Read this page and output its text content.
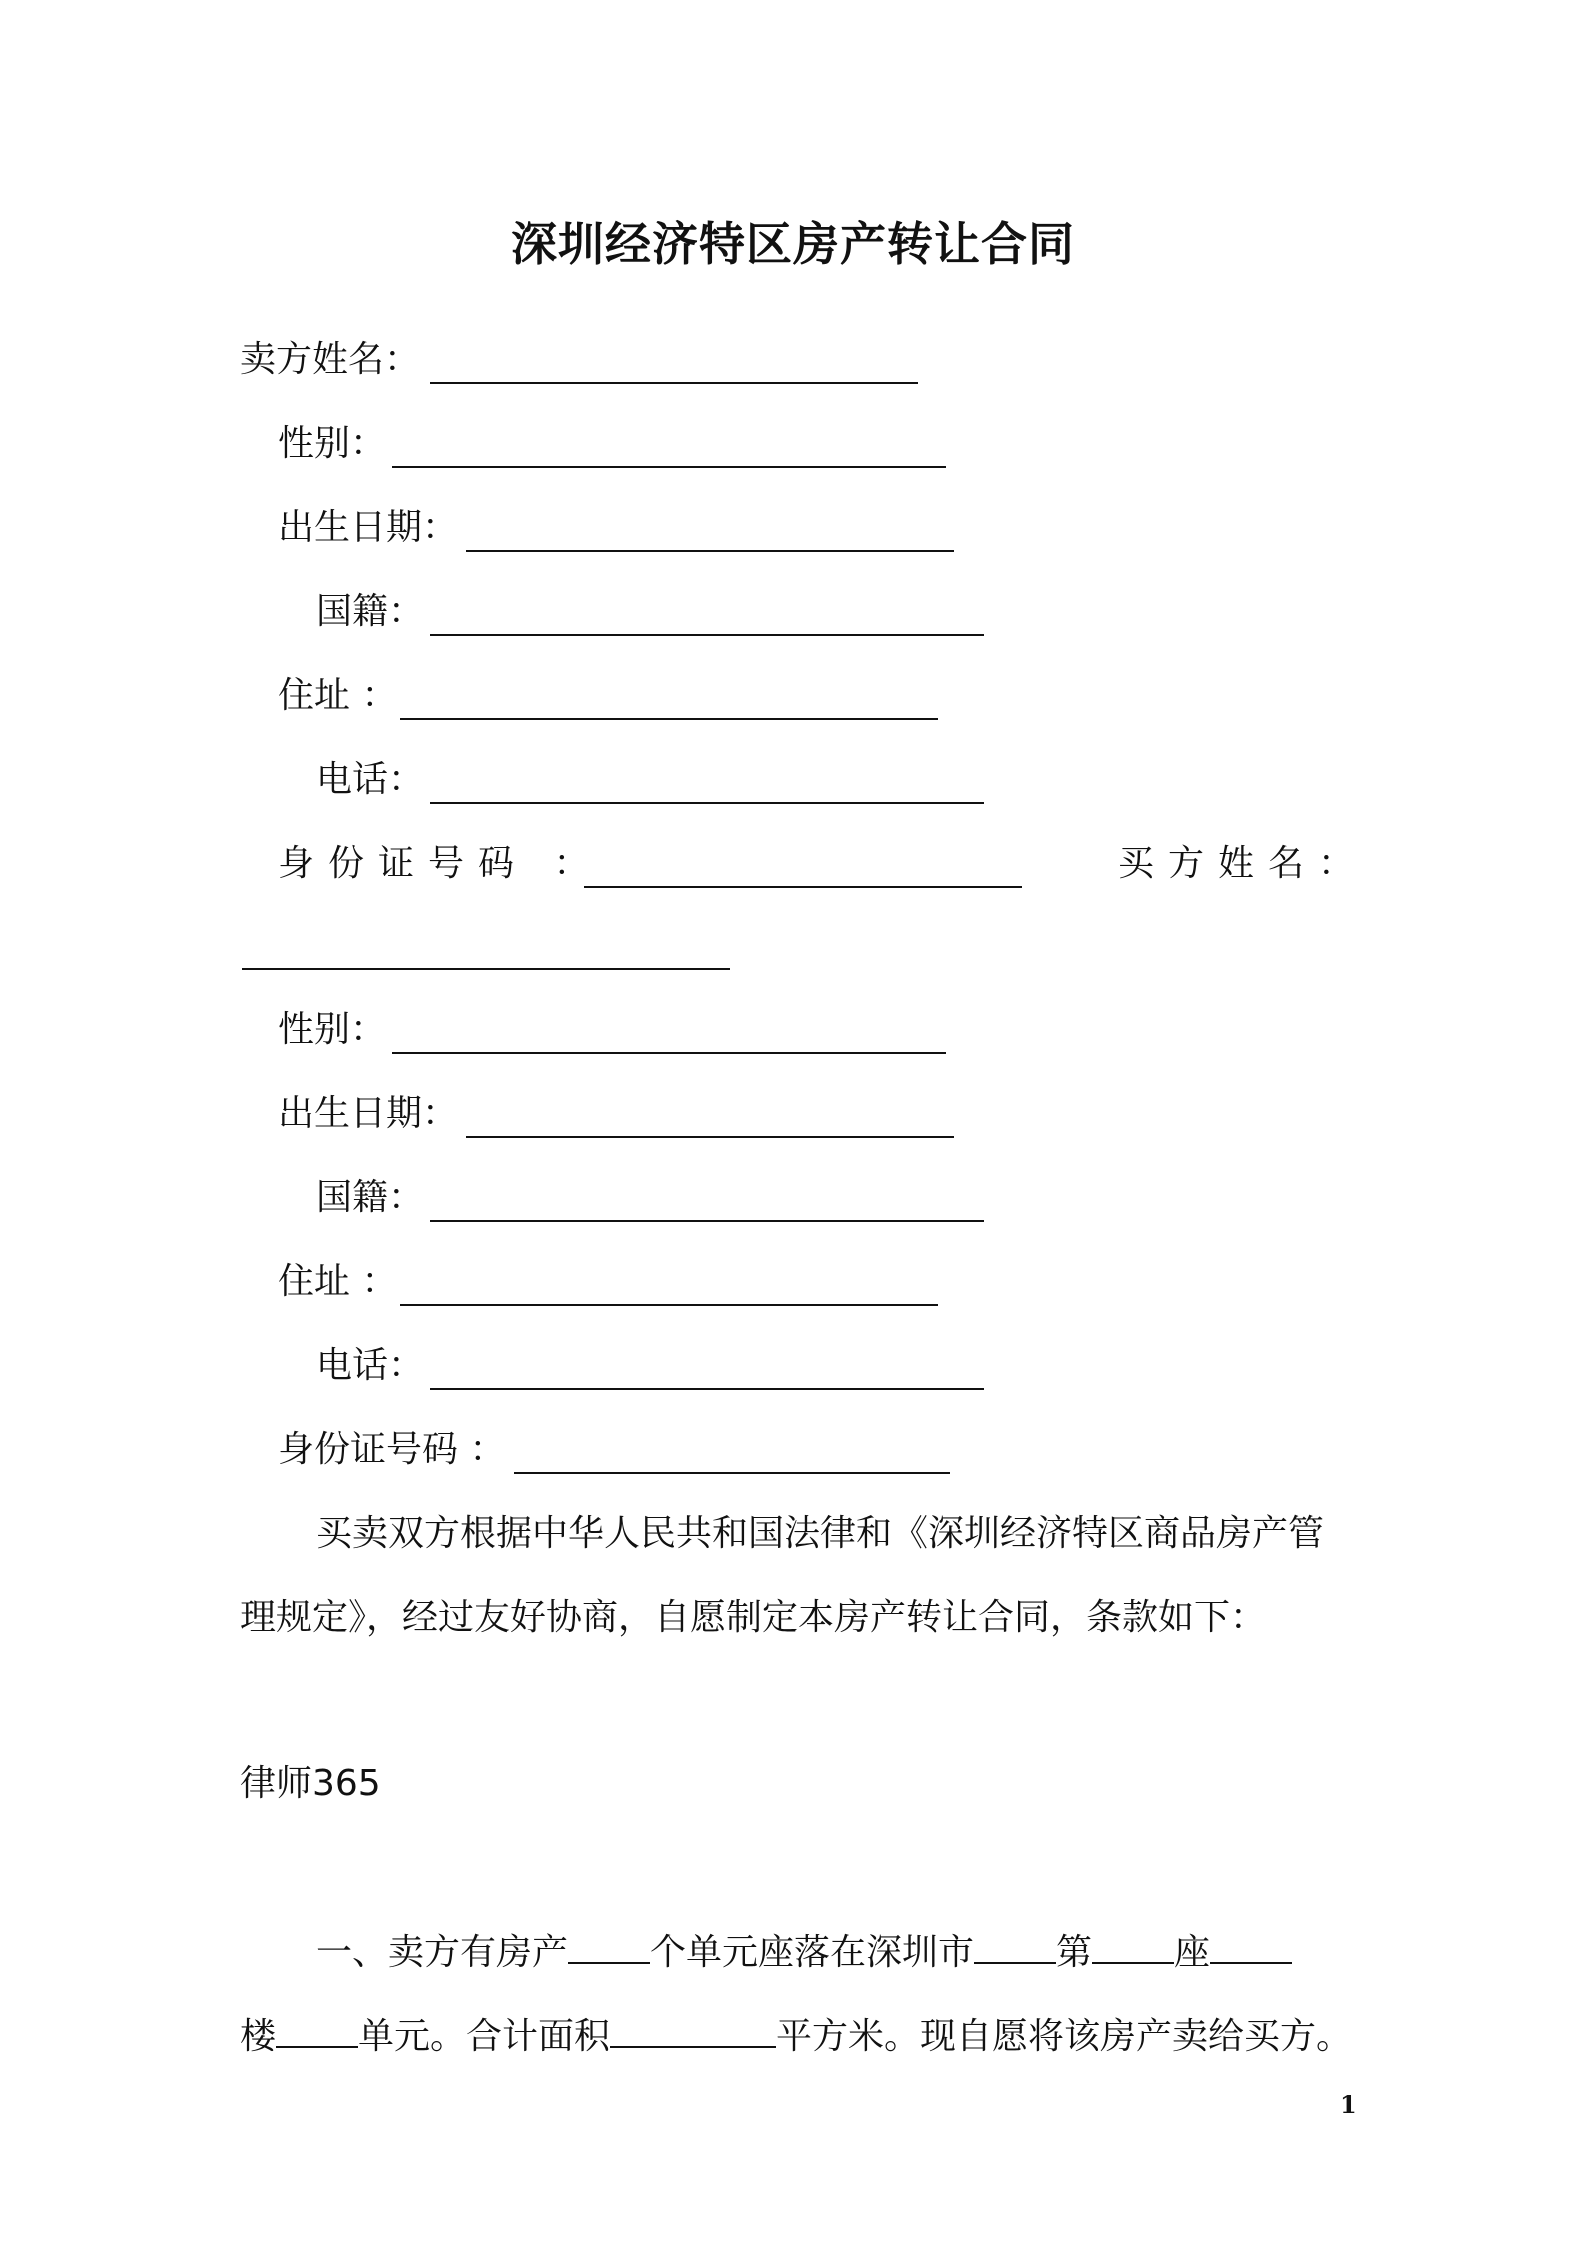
深圳经济特区房产转让合同
卖方姓名：
性别：
出生日期：
国籍：
住址 ：
电话：
身份证号码 ：	买方姓名：
性别：
出生日期：
国籍：
住址 ：
电话：
身份证号码 ：
买卖双方根据中华人民共和国法律和《深圳经济特区商品房产管
理规定》，经过友好协商，自愿制定本房产转让合同，条款如下：
律师365
一、卖方有房产 个单元座落在深圳市 第 座
楼 单元。合计面积	平方米。现自愿将该房产卖给买方。
1
